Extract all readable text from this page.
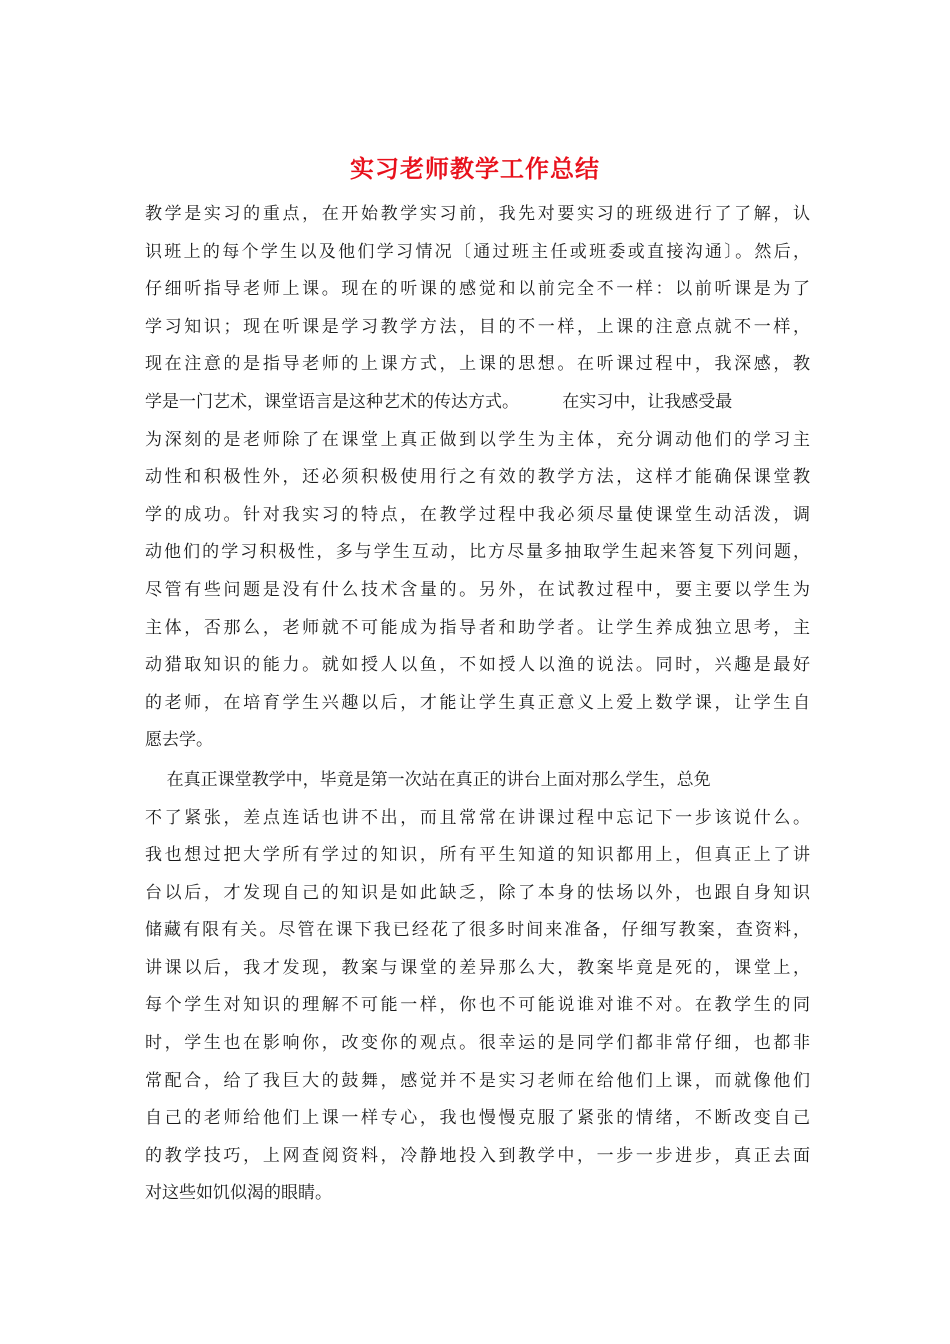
实习老师教学工作总结
教学是实习的重点，在开始教学实习前，我先对要实习的班级进行了了解，认
识班上的每个学生以及他们学习情况〔通过班主任或班委或直接沟通〕。然后，
仔细听指导老师上课。现在的听课的感觉和以前完全不一样：以前听课是为了
学习知识；现在听课是学习教学方法，目的不一样，上课的注意点就不一样，
现在注意的是指导老师的上课方式，上课的思想。在听课过程中，我深感，教
学是一门艺术，课堂语言是这种艺术的传达方式。        在实习中，让我感受最
为深刻的是老师除了在课堂上真正做到以学生为主体，充分调动他们的学习主
动性和积极性外，还必须积极使用行之有效的教学方法，这样才能确保课堂教
学的成功。针对我实习的特点，在教学过程中我必须尽量使课堂生动活泼，调
动他们的学习积极性，多与学生互动，比方尽量多抽取学生起来答复下列问题，
尽管有些问题是没有什么技术含量的。另外，在试教过程中，要主要以学生为
主体，否那么，老师就不可能成为指导者和助学者。让学生养成独立思考，主
动猎取知识的能力。就如授人以鱼，不如授人以渔的说法。同时，兴趣是最好
的老师，在培育学生兴趣以后，才能让学生真正意义上爱上数学课，让学生自
愿去学。
在真正课堂教学中，毕竟是第一次站在真正的讲台上面对那么学生，总免
不了紧张，差点连话也讲不出，而且常常在讲课过程中忘记下一步该说什么。
我也想过把大学所有学过的知识，所有平生知道的知识都用上，但真正上了讲
台以后，才发现自己的知识是如此缺乏，除了本身的怯场以外，也跟自身知识
储藏有限有关。尽管在课下我已经花了很多时间来准备，仔细写教案，查资料，
讲课以后，我才发现，教案与课堂的差异那么大，教案毕竟是死的，课堂上，
每个学生对知识的理解不可能一样，你也不可能说谁对谁不对。在教学生的同
时，学生也在影响你，改变你的观点。很幸运的是同学们都非常仔细，也都非
常配合，给了我巨大的鼓舞，感觉并不是实习老师在给他们上课，而就像他们
自己的老师给他们上课一样专心，我也慢慢克服了紧张的情绪，不断改变自己
的教学技巧，上网查阅资料，冷静地投入到教学中，一步一步进步，真正去面
对这些如饥似渴的眼睛。
